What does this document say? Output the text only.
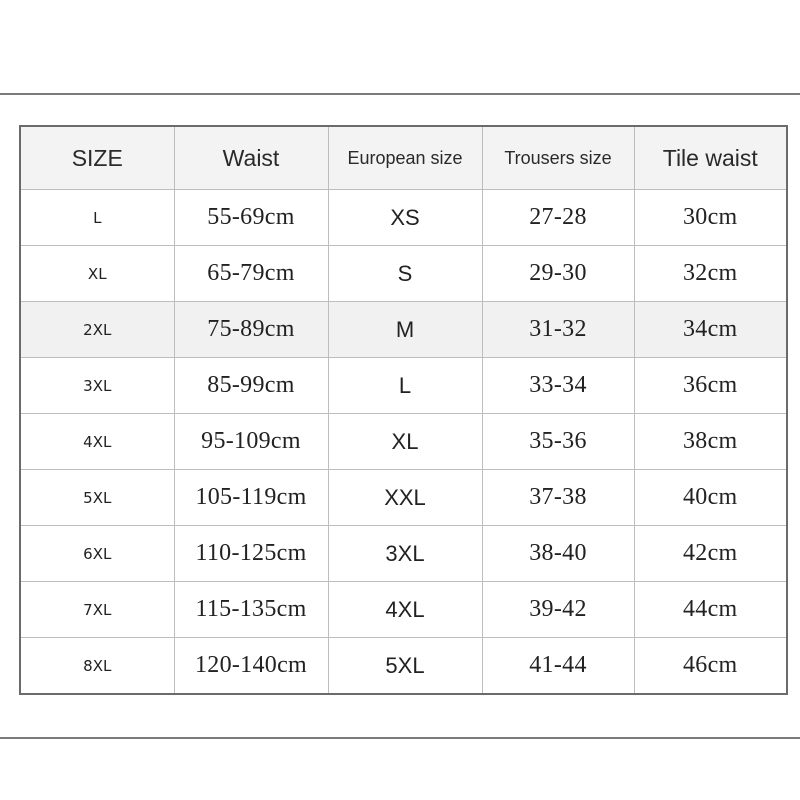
SIZE	Waist	European size	Trousers size	Tile waist
L	55-69cm	XS	27-28	30cm
XL	65-79cm	S	29-30	32cm
2XL	75-89cm	M	31-32	34cm
3XL	85-99cm	L	33-34	36cm
4XL	95-109cm	XL	35-36	38cm
5XL	105-119cm	XXL	37-38	40cm
6XL	110-125cm	3XL	38-40	42cm
7XL	115-135cm	4XL	39-42	44cm
8XL	120-140cm	5XL	41-44	46cm
